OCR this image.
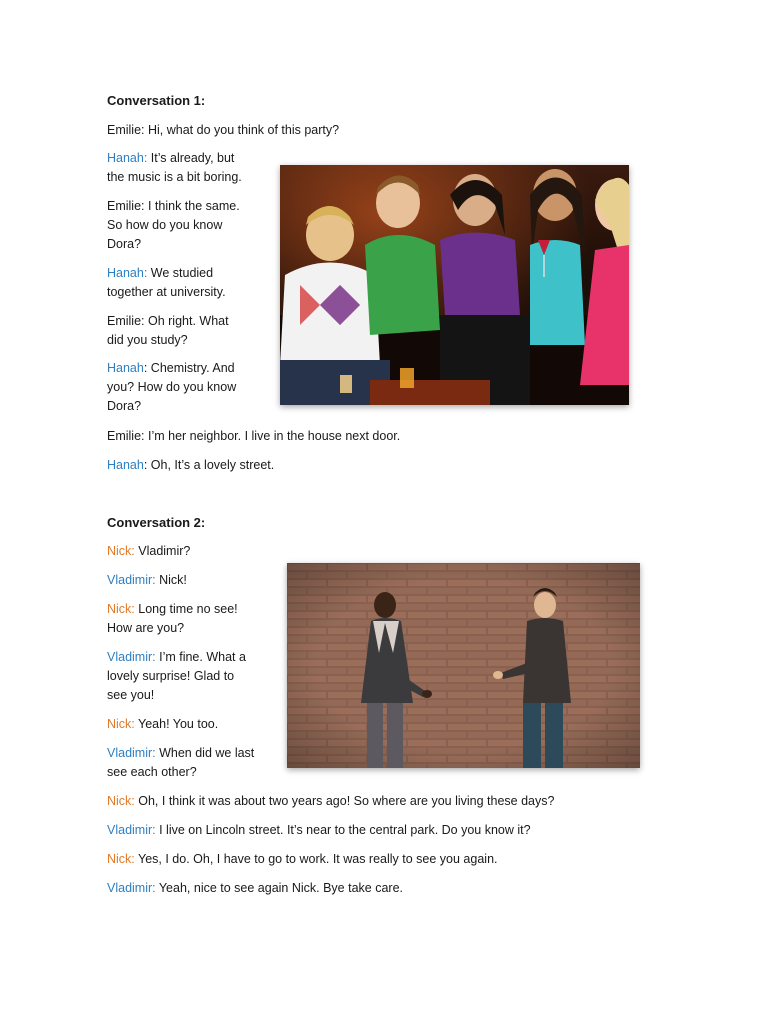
Conversation 1:
Emilie: Hi, what do you think of this party?
Hanah: It’s already, but
the music is a bit boring.
Emilie: I think the same.
So how do you know
Dora?
Hanah: We studied
together at university.
Emilie: Oh right. What
did you study?
Hanah: Chemistry. And
you? How do you know
Dora?
Emilie: I’m her neighbor. I live in the house next door.
Hanah: Oh, It’s a lovely street.
Conversation 2:
Nick: Vladimir?
Vladimir: Nick!
Nick: Long time no see!
How are you?
Vladimir: I’m fine. What a
lovely surprise! Glad to
see you!
Nick: Yeah! You too.
Vladimir: When did we last
see each other?
Nick: Oh, I think it was about two years ago! So where are you living these days?
Vladimir: I live on Lincoln street. It’s near to the central park. Do you know it?
Nick: Yes, I do. Oh, I have to go to work. It was really to see you again.
Vladimir: Yeah, nice to see again Nick. Bye take care.
